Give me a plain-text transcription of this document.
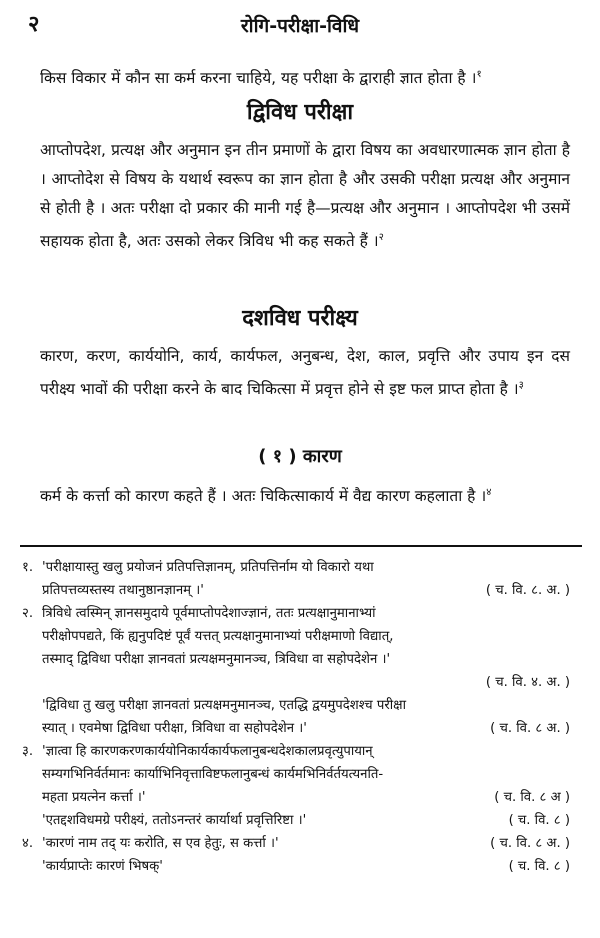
२	रोगि-परीक्षा-विधि
किस विकार में कौन सा कर्म करना चाहिये, यह परीक्षा के द्वाराही ज्ञात होता है ।$^१$
द्विविध परीक्षा
आप्तोपदेश, प्रत्यक्ष और अनुमान इन तीन प्रमाणों के द्वारा विषय का अवधारणात्मक ज्ञान होता है । आप्तोदेश से विषय के यथार्थ स्वरूप का ज्ञान होता है और उसकी परीक्षा प्रत्यक्ष और अनुमान से होती है । अतः परीक्षा दो प्रकार की मानी गई है—प्रत्यक्ष और अनुमान । आप्तोपदेश भी उसमें सहायक होता है, अतः उसको लेकर त्रिविध भी कह सकते हैं ।$^२$
दशविध परीक्ष्य
कारण, करण, कार्ययोनि, कार्य, कार्यफल, अनुबन्ध, देश, काल, प्रवृत्ति और उपाय इन दस परीक्ष्य भावों की परीक्षा करने के बाद चिकित्सा में प्रवृत्त होने से इष्ट फल प्राप्त होता है ।$^३$
( १ ) कारण
कर्म के कर्त्ता को कारण कहते हैं । अतः चिकित्साकार्य में वैद्य कारण कहलाता है ।$^४$
१. 'परीक्षायास्तु खलु प्रयोजनं प्रतिपत्तिज्ञानम्, प्रतिपत्तिर्नाम यो विकारो यथा
प्रतिपत्तव्यस्तस्य तथानुष्ठानज्ञानम् ।'	( च. वि. ८. अ. )
२. त्रिविधे त्वस्मिन् ज्ञानसमुदाये पूर्वमाप्तोपदेशाज्ज्ञानं, ततः प्रत्यक्षानुमानाभ्यां
परीक्षोपपद्यते, किं ह्यनुपदिष्टं पूर्वं यत्तत् प्रत्यक्षानुमानाभ्यां परीक्षमाणो विद्यात्,
तस्माद् द्विविधा परीक्षा ज्ञानवतां प्रत्यक्षमनुमानञ्च, त्रिविधा वा सहोपदेशेन ।'
( च. वि. ४. अ. )
'द्विविधा तु खलु परीक्षा ज्ञानवतां प्रत्यक्षमनुमानञ्च, एतद्धि द्वयमुपदेशश्च परीक्षा
स्यात् । एवमेषा द्विविधा परीक्षा, त्रिविधा वा सहोपदेशेन ।'	( च. वि. ८ अ. )
३. 'ज्ञात्वा हि कारणकरणकार्ययोनिकार्यकार्यफलानुबन्धदेशकालप्रवृत्युपायान्
सम्यगभिनिर्वर्तमानः कार्याभिनिवृत्ताविष्टफलानुबन्धं कार्यमभिनिर्वर्तयत्यनति-
महता प्रयत्नेन कर्त्ता ।'	( च. वि. ८ अ )
'एतद्दशविधमग्रे परीक्ष्यं, ततोऽनन्तरं कार्यार्था प्रवृत्तिरिष्टा ।'	( च. वि. ८ )
४. 'कारणं नाम तद् यः करोति, स एव हेतुः, स कर्त्ता ।'	( च. वि. ८ अ. )
'कार्यप्राप्तेः कारणं भिषक्'	( च. वि. ८ )
